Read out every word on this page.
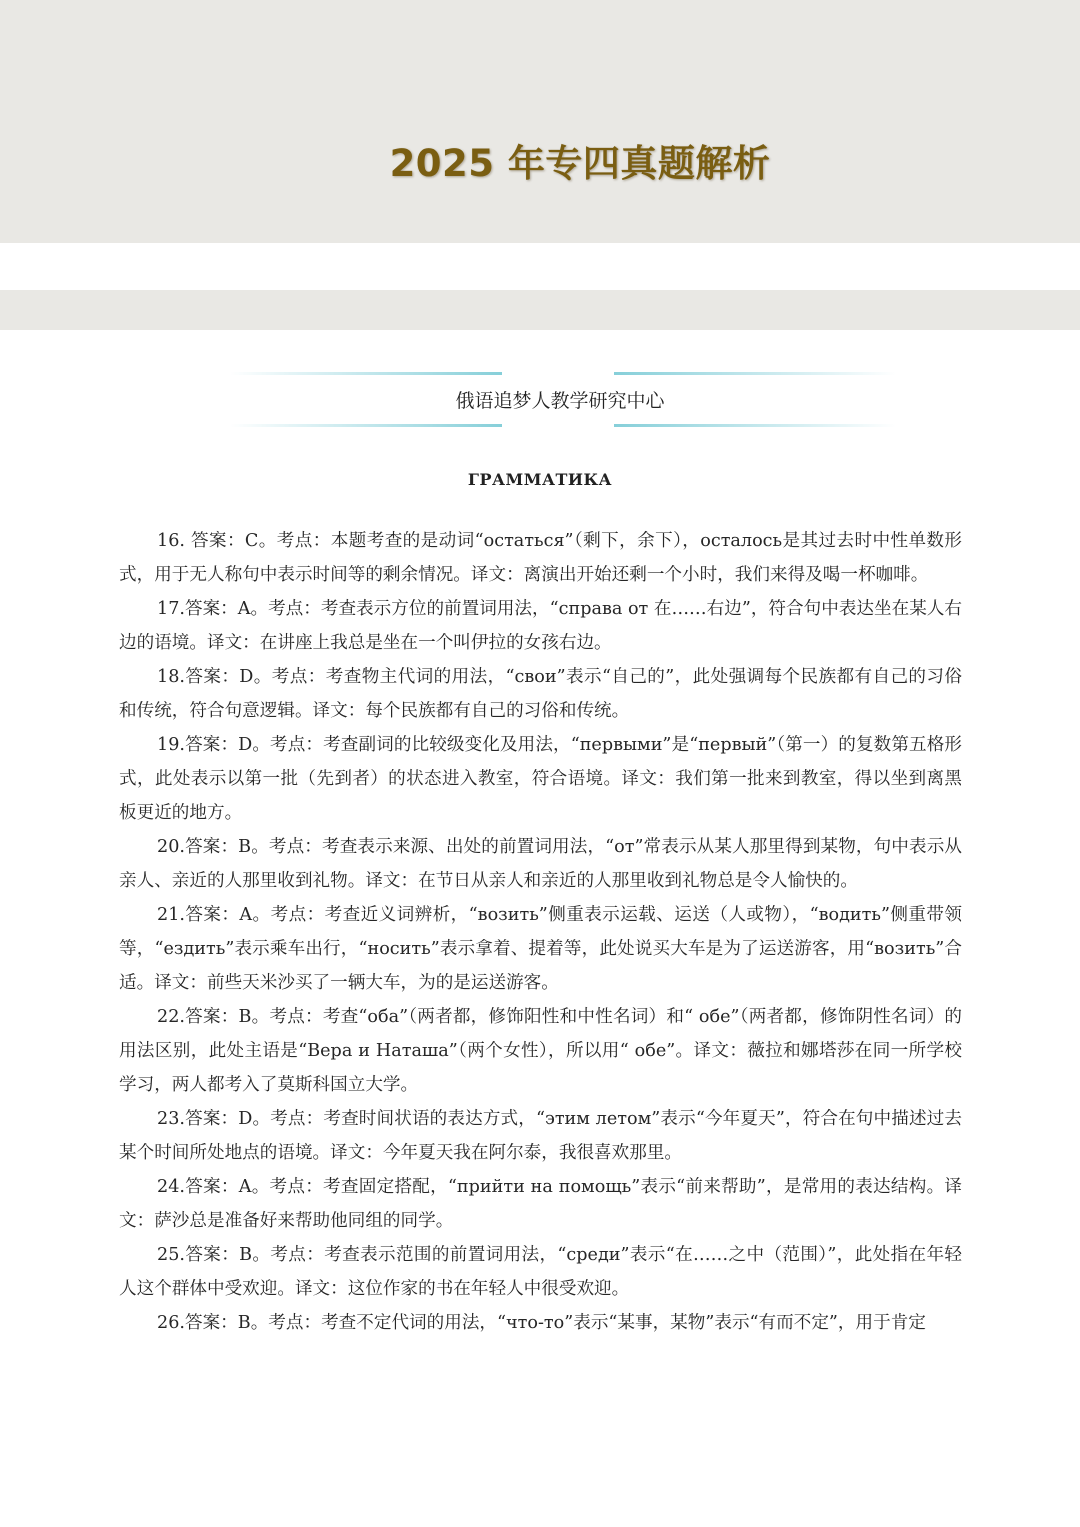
2025 年专四真题解析
俄语追梦人教学研究中心
ГРАММАТИКА

16. 答案：C。考点：本题考查的是动词“остаться”（剩下，余下），осталось是其过去时中性单数形式，用于无人称句中表示时间等的剩余情况。译文：离演出开始还剩一个小时，我们来得及喝一杯咖啡。

17.答案：A。考点：考查表示方位的前置词用法，“справа от 在……右边”，符合句中表达坐在某人右边的语境。译文：在讲座上我总是坐在一个叫伊拉的女孩右边。

18.答案：D。考点：考查物主代词的用法，“свои”表示“自己的”，此处强调每个民族都有自己的习俗和传统，符合句意逻辑。译文：每个民族都有自己的习俗和传统。

19.答案：D。考点：考查副词的比较级变化及用法，“первыми”是“первый”（第一）的复数第五格形式，此处表示以第一批（先到者）的状态进入教室，符合语境。译文：我们第一批来到教室，得以坐到离黑板更近的地方。

20.答案：B。考点：考查表示来源、出处的前置词用法，“от”常表示从某人那里得到某物，句中表示从亲人、亲近的人那里收到礼物。译文：在节日从亲人和亲近的人那里收到礼物总是令人愉快的。

21.答案：A。考点：考查近义词辨析，“возить”侧重表示运载、运送（人或物），“водить”侧重带领等，“ездить”表示乘车出行，“носить”表示拿着、提着等，此处说买大车是为了运送游客，用“возить”合适。译文：前些天米沙买了一辆大车，为的是运送游客。

22.答案：B。考点：考查“оба”（两者都，修饰阳性和中性名词）和“ обе”（两者都，修饰阴性名词）的用法区别，此处主语是“Вера и Наташа”（两个女性），所以用“ обе”。译文：薇拉和娜塔莎在同一所学校学习，两人都考入了莫斯科国立大学。

23.答案：D。考点：考查时间状语的表达方式，“этим летом”表示“今年夏天”，符合在句中描述过去某个时间所处地点的语境。译文：今年夏天我在阿尔泰，我很喜欢那里。

24.答案：A。考点：考查固定搭配，“прийти на помощь”表示“前来帮助”，是常用的表达结构。译文：萨沙总是准备好来帮助他同组的同学。

25.答案：B。考点：考查表示范围的前置词用法，“среди”表示“在……之中（范围）”，此处指在年轻人这个群体中受欢迎。译文：这位作家的书在年轻人中很受欢迎。

26.答案：B。考点：考查不定代词的用法，“что-то”表示“某事，某物”表示“有而不定”，用于肯定
